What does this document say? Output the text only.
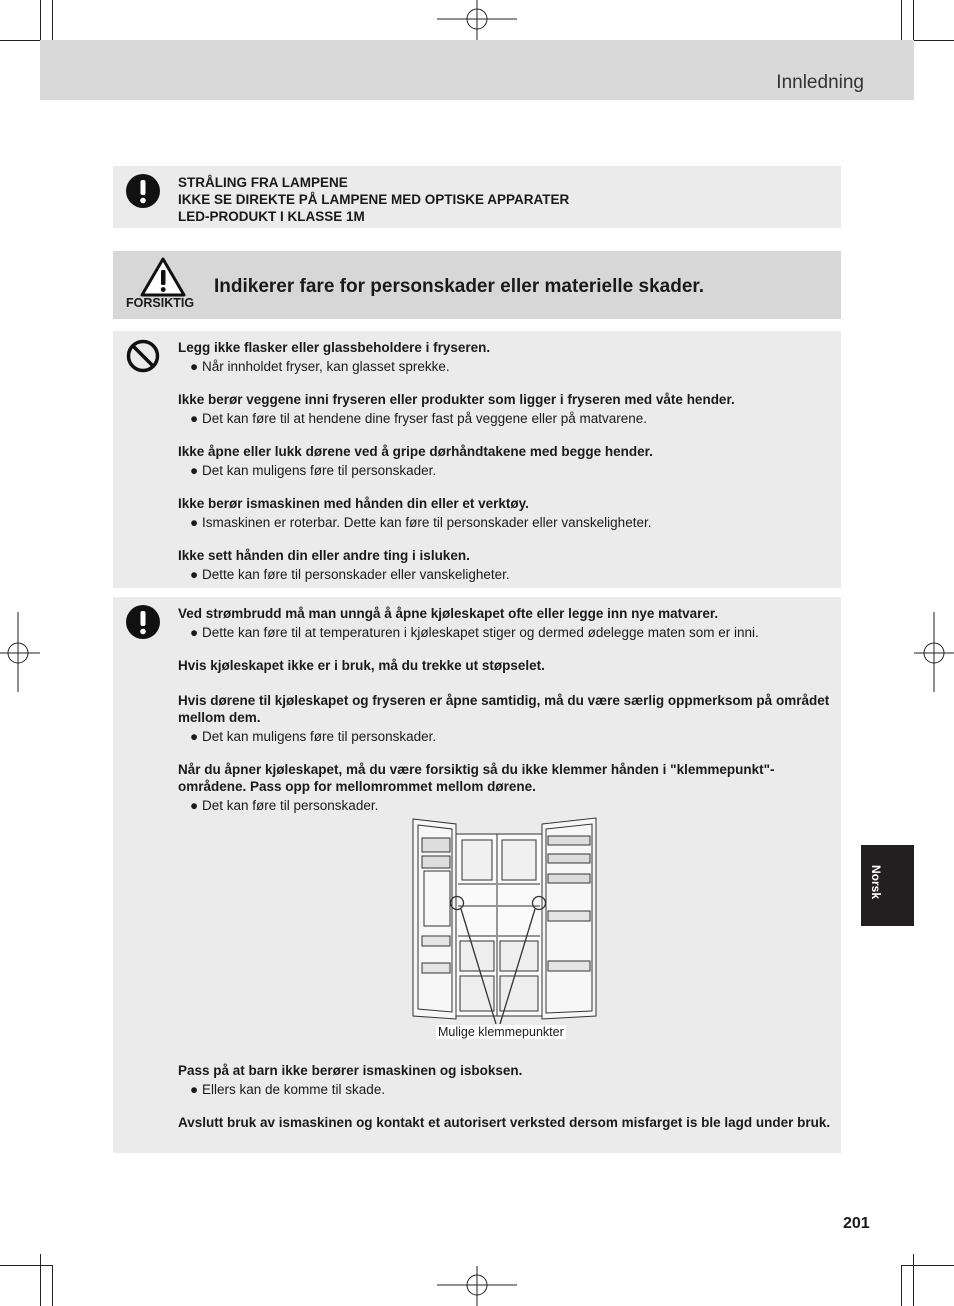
Innledning
STRÅLING FRA LAMPENE
IKKE SE DIREKTE PÅ LAMPENE MED OPTISKE APPARATER
LED-PRODUKT I KLASSE 1M
FORSIKTIG
Indikerer fare for personskader eller materielle skader.
Legg ikke flasker eller glassbeholdere i fryseren.
● Når innholdet fryser, kan glasset sprekke.
Ikke berør veggene inni fryseren eller produkter som ligger i fryseren med våte hender.
● Det kan føre til at hendene dine fryser fast på veggene eller på matvarene.
Ikke åpne eller lukk dørene ved å gripe dørhåndtakene med begge hender.
● Det kan muligens føre til personskader.
Ikke berør ismaskinen med hånden din eller et verktøy.
● Ismaskinen er roterbar. Dette kan føre til personskader eller vanskeligheter.
Ikke sett hånden din eller andre ting i isluken.
● Dette kan føre til personskader eller vanskeligheter.
Ved strømbrudd må man unngå å åpne kjøleskapet ofte eller legge inn nye matvarer.
● Dette kan føre til at temperaturen i kjøleskapet stiger og dermed ødelegge maten som er inni.
Hvis kjøleskapet ikke er i bruk, må du trekke ut støpselet.
Hvis dørene til kjøleskapet og fryseren er åpne samtidig, må du være særlig oppmerksom på området mellom dem.
● Det kan muligens føre til personskader.
Når du åpner kjøleskapet, må du være forsiktig så du ikke klemmer hånden i "klemmepunkt"-områdene. Pass opp for mellomrommet mellom dørene.
● Det kan føre til personskader.
Mulige klemmepunkter
Pass på at barn ikke berører ismaskinen og isboksen.
● Ellers kan de komme til skade.
Avslutt bruk av ismaskinen og kontakt et autorisert verksted dersom misfarget is ble lagd under bruk.
Norsk
201
